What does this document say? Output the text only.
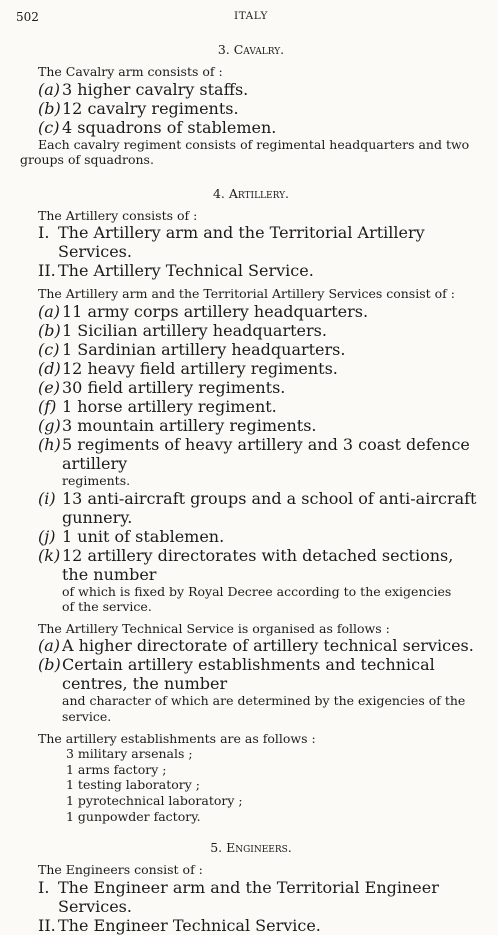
502	ITALY
3. Cavalry.

The Cavalry arm consists of :

(a) 3 higher cavalry staffs.
(b) 12 cavalry regiments.
(c) 4 squadrons of stablemen.

Each cavalry regiment consists of regimental headquarters and two

groups of squadrons.

4. Artillery.

The Artillery consists of :

I. The Artillery arm and the Territorial Artillery Services.
II. The Artillery Technical Service.

The Artillery arm and the Territorial Artillery Services consist of :

(a) 11 army corps artillery headquarters.
(b) 1 Sicilian artillery headquarters.
(c) 1 Sardinian artillery headquarters.
(d) 12 heavy field artillery regiments.
(e) 30 field artillery regiments.
(f) 1 horse artillery regiment.
(g) 3 mountain artillery regiments.
(h) 5 regiments of heavy artillery and 3 coast defence artillery

regiments.

(i) 13 anti-aircraft groups and a school of anti-aircraft gunnery.
(j) 1 unit of stablemen.
(k) 12 artillery directorates with detached sections, the number

of which is fixed by Royal Decree according to the exigencies

of the service.

The Artillery Technical Service is organised as follows :

(a) A higher directorate of artillery technical services.
(b) Certain artillery establishments and technical centres, the number

and character of which are determined by the exigencies of the

service.

The artillery establishments are as follows :

3 military arsenals ;

1 arms factory ;

1 testing laboratory ;

1 pyrotechnical laboratory ;

1 gunpowder factory.

5. Engineers.

The Engineers consist of :

I. The Engineer arm and the Territorial Engineer Services.
II. The Engineer Technical Service.
